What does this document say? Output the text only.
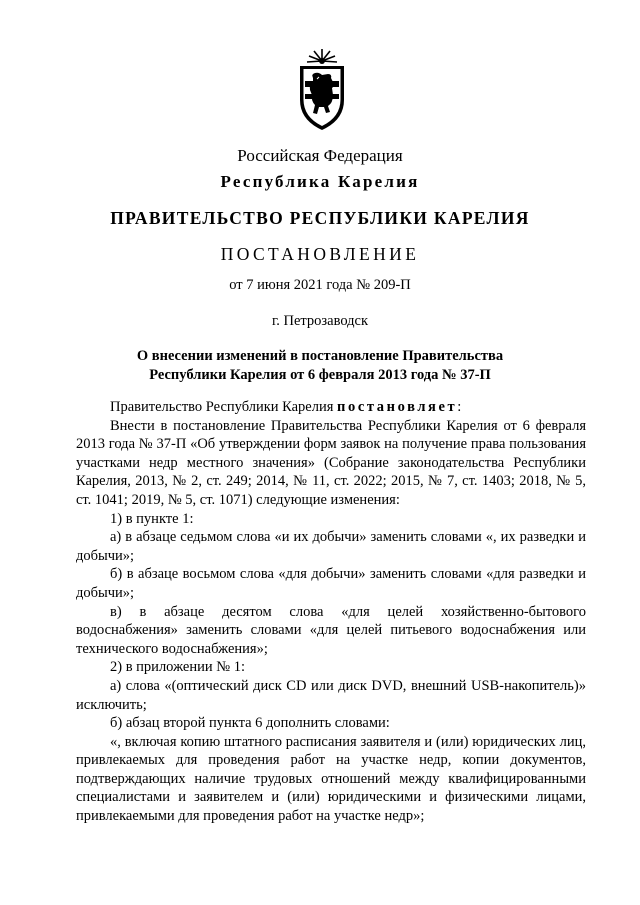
Российская Федерация
Республика Карелия
ПРАВИТЕЛЬСТВО РЕСПУБЛИКИ КАРЕЛИЯ
ПОСТАНОВЛЕНИЕ
от 7 июня 2021 года № 209-П
г. Петрозаводск
О внесении изменений в постановление Правительства
Республики Карелия от 6 февраля 2013 года № 37-П

Правительство Республики Карелия постановляет:

Внести в постановление Правительства Республики Карелия от 6 февраля 2013 года № 37-П «Об утверждении форм заявок на получение права пользования участками недр местного значения» (Собрание законодательства Республики Карелия, 2013, № 2, ст. 249; 2014, № 11, ст. 2022; 2015, № 7, ст. 1403; 2018, № 5, ст. 1041; 2019, № 5, ст. 1071) следующие изменения:

1) в пункте 1:

а) в абзаце седьмом слова «и их добычи» заменить словами «, их разведки и добычи»;

б) в абзаце восьмом слова «для добычи» заменить словами «для разведки и добычи»;

в) в абзаце десятом слова «для целей хозяйственно-бытового водоснабжения» заменить словами «для целей питьевого водоснабжения или технического водоснабжения»;

2) в приложении № 1:

а) слова «(оптический диск CD или диск DVD, внешний USB-накопитель)» исключить;

б) абзац второй пункта 6 дополнить словами:

«, включая копию штатного расписания заявителя и (или) юридических лиц, привлекаемых для проведения работ на участке недр, копии документов, подтверждающих наличие трудовых отношений между квалифицированными специалистами и заявителем и (или) юридическими и физическими лицами, привлекаемыми для проведения работ на участке недр»;
